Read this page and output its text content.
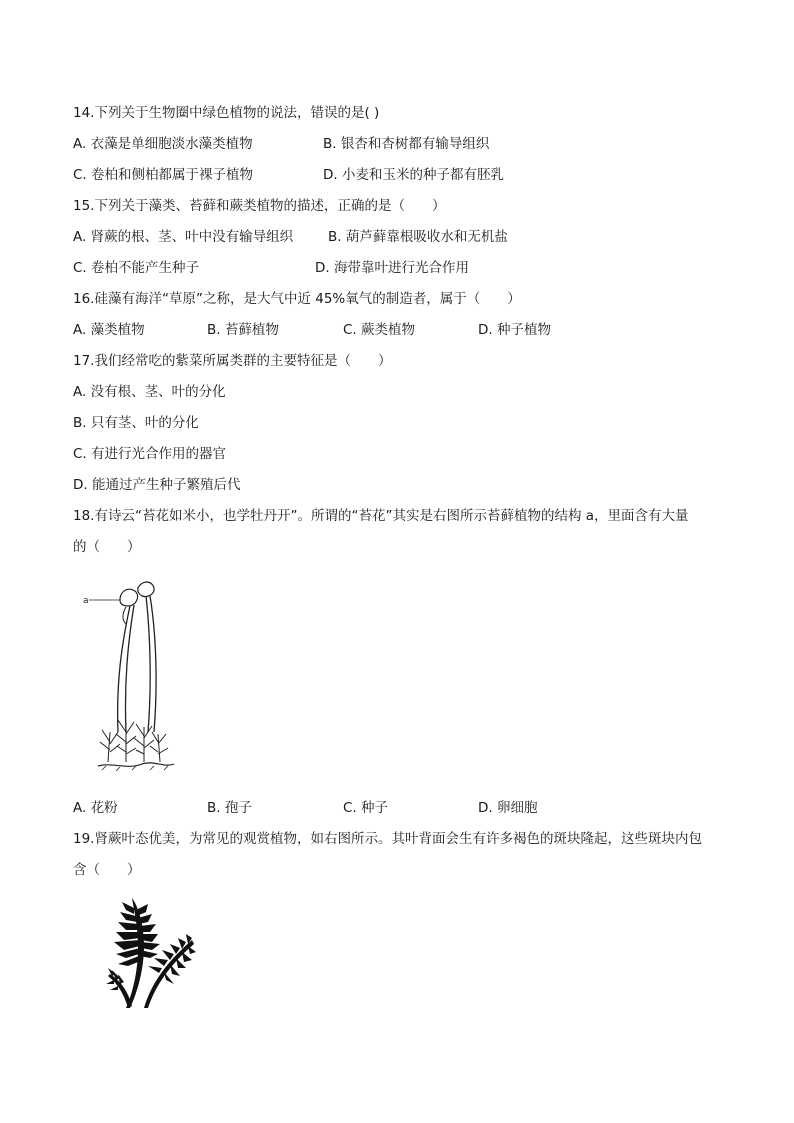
14.下列关于生物圈中绿色植物的说法，错误的是( )
A. 衣藻是单细胞淡水藻类植物	B. 银杏和杏树都有输导组织
C. 卷柏和侧柏都属于裸子植物	D. 小麦和玉米的种子都有胚乳
15.下列关于藻类、苔藓和蕨类植物的描述，正确的是（　　）
A. 肾蕨的根、茎、叶中没有输导组织	B. 葫芦藓靠根吸收水和无机盐
C. 卷柏不能产生种子	D. 海带靠叶进行光合作用
16.硅藻有海洋“草原”之称，是大气中近 45%氧气的制造者，属于（　　）
A. 藻类植物	B. 苔藓植物	C. 蕨类植物	D. 种子植物
17.我们经常吃的紫菜所属类群的主要特征是（　　）
A. 没有根、茎、叶的分化
B. 只有茎、叶的分化
C. 有进行光合作用的器官
D. 能通过产生种子繁殖后代
18.有诗云“苔花如米小，也学牡丹开”。所谓的“苔花”其实是右图所示苔藓植物的结构 a，里面含有大量
的（　　）
a
A. 花粉	B. 孢子	C. 种子	D. 卵细胞
19.肾蕨叶态优美，为常见的观赏植物，如右图所示。其叶背面会生有许多褐色的斑块隆起，这些斑块内包
含（　　）
